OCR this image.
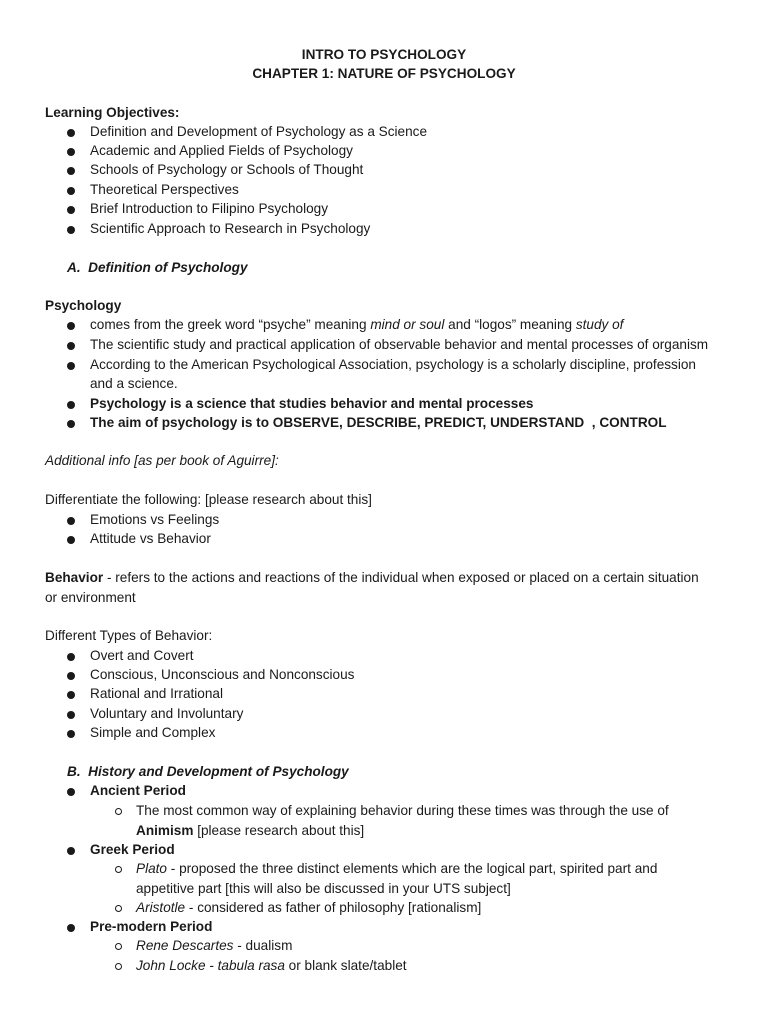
INTRO TO PSYCHOLOGY
CHAPTER 1: NATURE OF PSYCHOLOGY
Learning Objectives:
Definition and Development of Psychology as a Science
Academic and Applied Fields of Psychology
Schools of Psychology or Schools of Thought
Theoretical Perspectives
Brief Introduction to Filipino Psychology
Scientific Approach to Research in Psychology
A.  Definition of Psychology
Psychology
comes from the greek word “psyche” meaning mind or soul and “logos” meaning study of
The scientific study and practical application of observable behavior and mental processes of organism
According to the American Psychological Association, psychology is a scholarly discipline, profession
and a science.
Psychology is a science that studies behavior and mental processes
The aim of psychology is to OBSERVE, DESCRIBE, PREDICT, UNDERSTAND  , CONTROL
Additional info [as per book of Aguirre]:
Differentiate the following: [please research about this]
Emotions vs Feelings
Attitude vs Behavior
Behavior - refers to the actions and reactions of the individual when exposed or placed on a certain situation
or environment
Different Types of Behavior:
Overt and Covert
Conscious, Unconscious and Nonconscious
Rational and Irrational
Voluntary and Involuntary
Simple and Complex
B.  History and Development of Psychology
Ancient Period
The most common way of explaining behavior during these times was through the use of
Animism [please research about this]
Greek Period
Plato - proposed the three distinct elements which are the logical part, spirited part and
appetitive part [this will also be discussed in your UTS subject]
Aristotle - considered as father of philosophy [rationalism]
Pre-modern Period
Rene Descartes - dualism
John Locke - tabula rasa or blank slate/tablet
